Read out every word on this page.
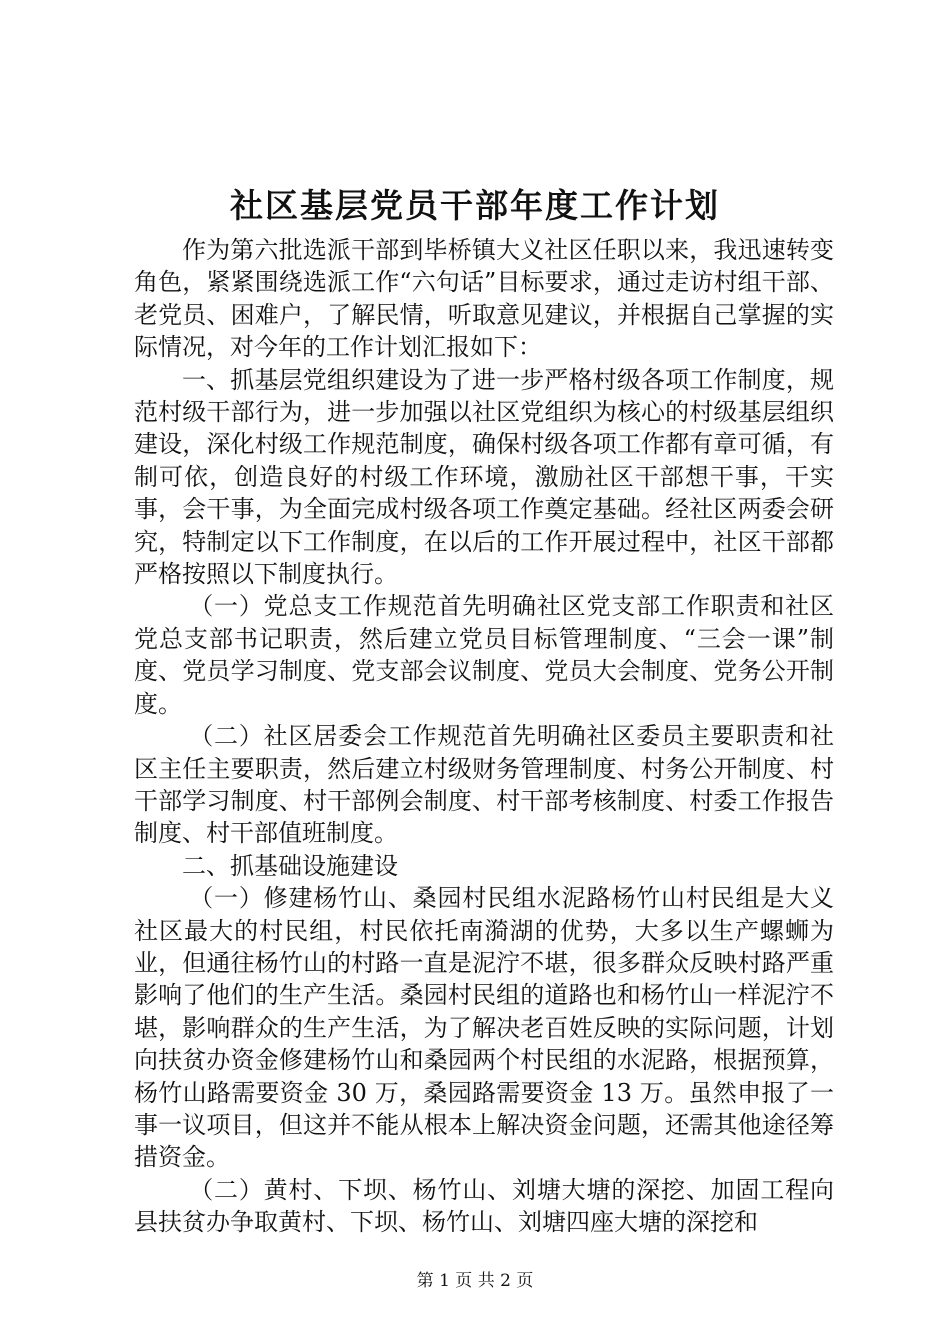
社区基层党员干部年度工作计划

作为第六批选派干部到毕桥镇大义社区任职以来，我迅速转变角色，紧紧围绕选派工作“六句话”目标要求，通过走访村组干部、老党员、困难户，了解民情，听取意见建议，并根据自己掌握的实际情况，对今年的工作计划汇报如下：

一、抓基层党组织建设为了进一步严格村级各项工作制度，规范村级干部行为，进一步加强以社区党组织为核心的村级基层组织建设，深化村级工作规范制度，确保村级各项工作都有章可循，有制可依，创造良好的村级工作环境，激励社区干部想干事，干实事，会干事，为全面完成村级各项工作奠定基础。经社区两委会研究，特制定以下工作制度，在以后的工作开展过程中，社区干部都严格按照以下制度执行。

（一）党总支工作规范首先明确社区党支部工作职责和社区党总支部书记职责，然后建立党员目标管理制度、“三会一课”制度、党员学习制度、党支部会议制度、党员大会制度、党务公开制度。

（二）社区居委会工作规范首先明确社区委员主要职责和社区主任主要职责，然后建立村级财务管理制度、村务公开制度、村干部学习制度、村干部例会制度、村干部考核制度、村委工作报告制度、村干部值班制度。

二、抓基础设施建设

（一）修建杨竹山、桑园村民组水泥路杨竹山村民组是大义社区最大的村民组，村民依托南漪湖的优势，大多以生产螺蛳为业，但通往杨竹山的村路一直是泥泞不堪，很多群众反映村路严重影响了他们的生产生活。桑园村民组的道路也和杨竹山一样泥泞不堪，影响群众的生产生活，为了解决老百姓反映的实际问题，计划向扶贫办资金修建杨竹山和桑园两个村民组的水泥路，根据预算，杨竹山路需要资金 30 万，桑园路需要资金 13 万。虽然申报了一事一议项目，但这并不能从根本上解决资金问题，还需其他途径筹措资金。

（二）黄村、下坝、杨竹山、刘塘大塘的深挖、加固工程向县扶贫办争取黄村、下坝、杨竹山、刘塘四座大塘的深挖和

第 1 页 共 2 页
